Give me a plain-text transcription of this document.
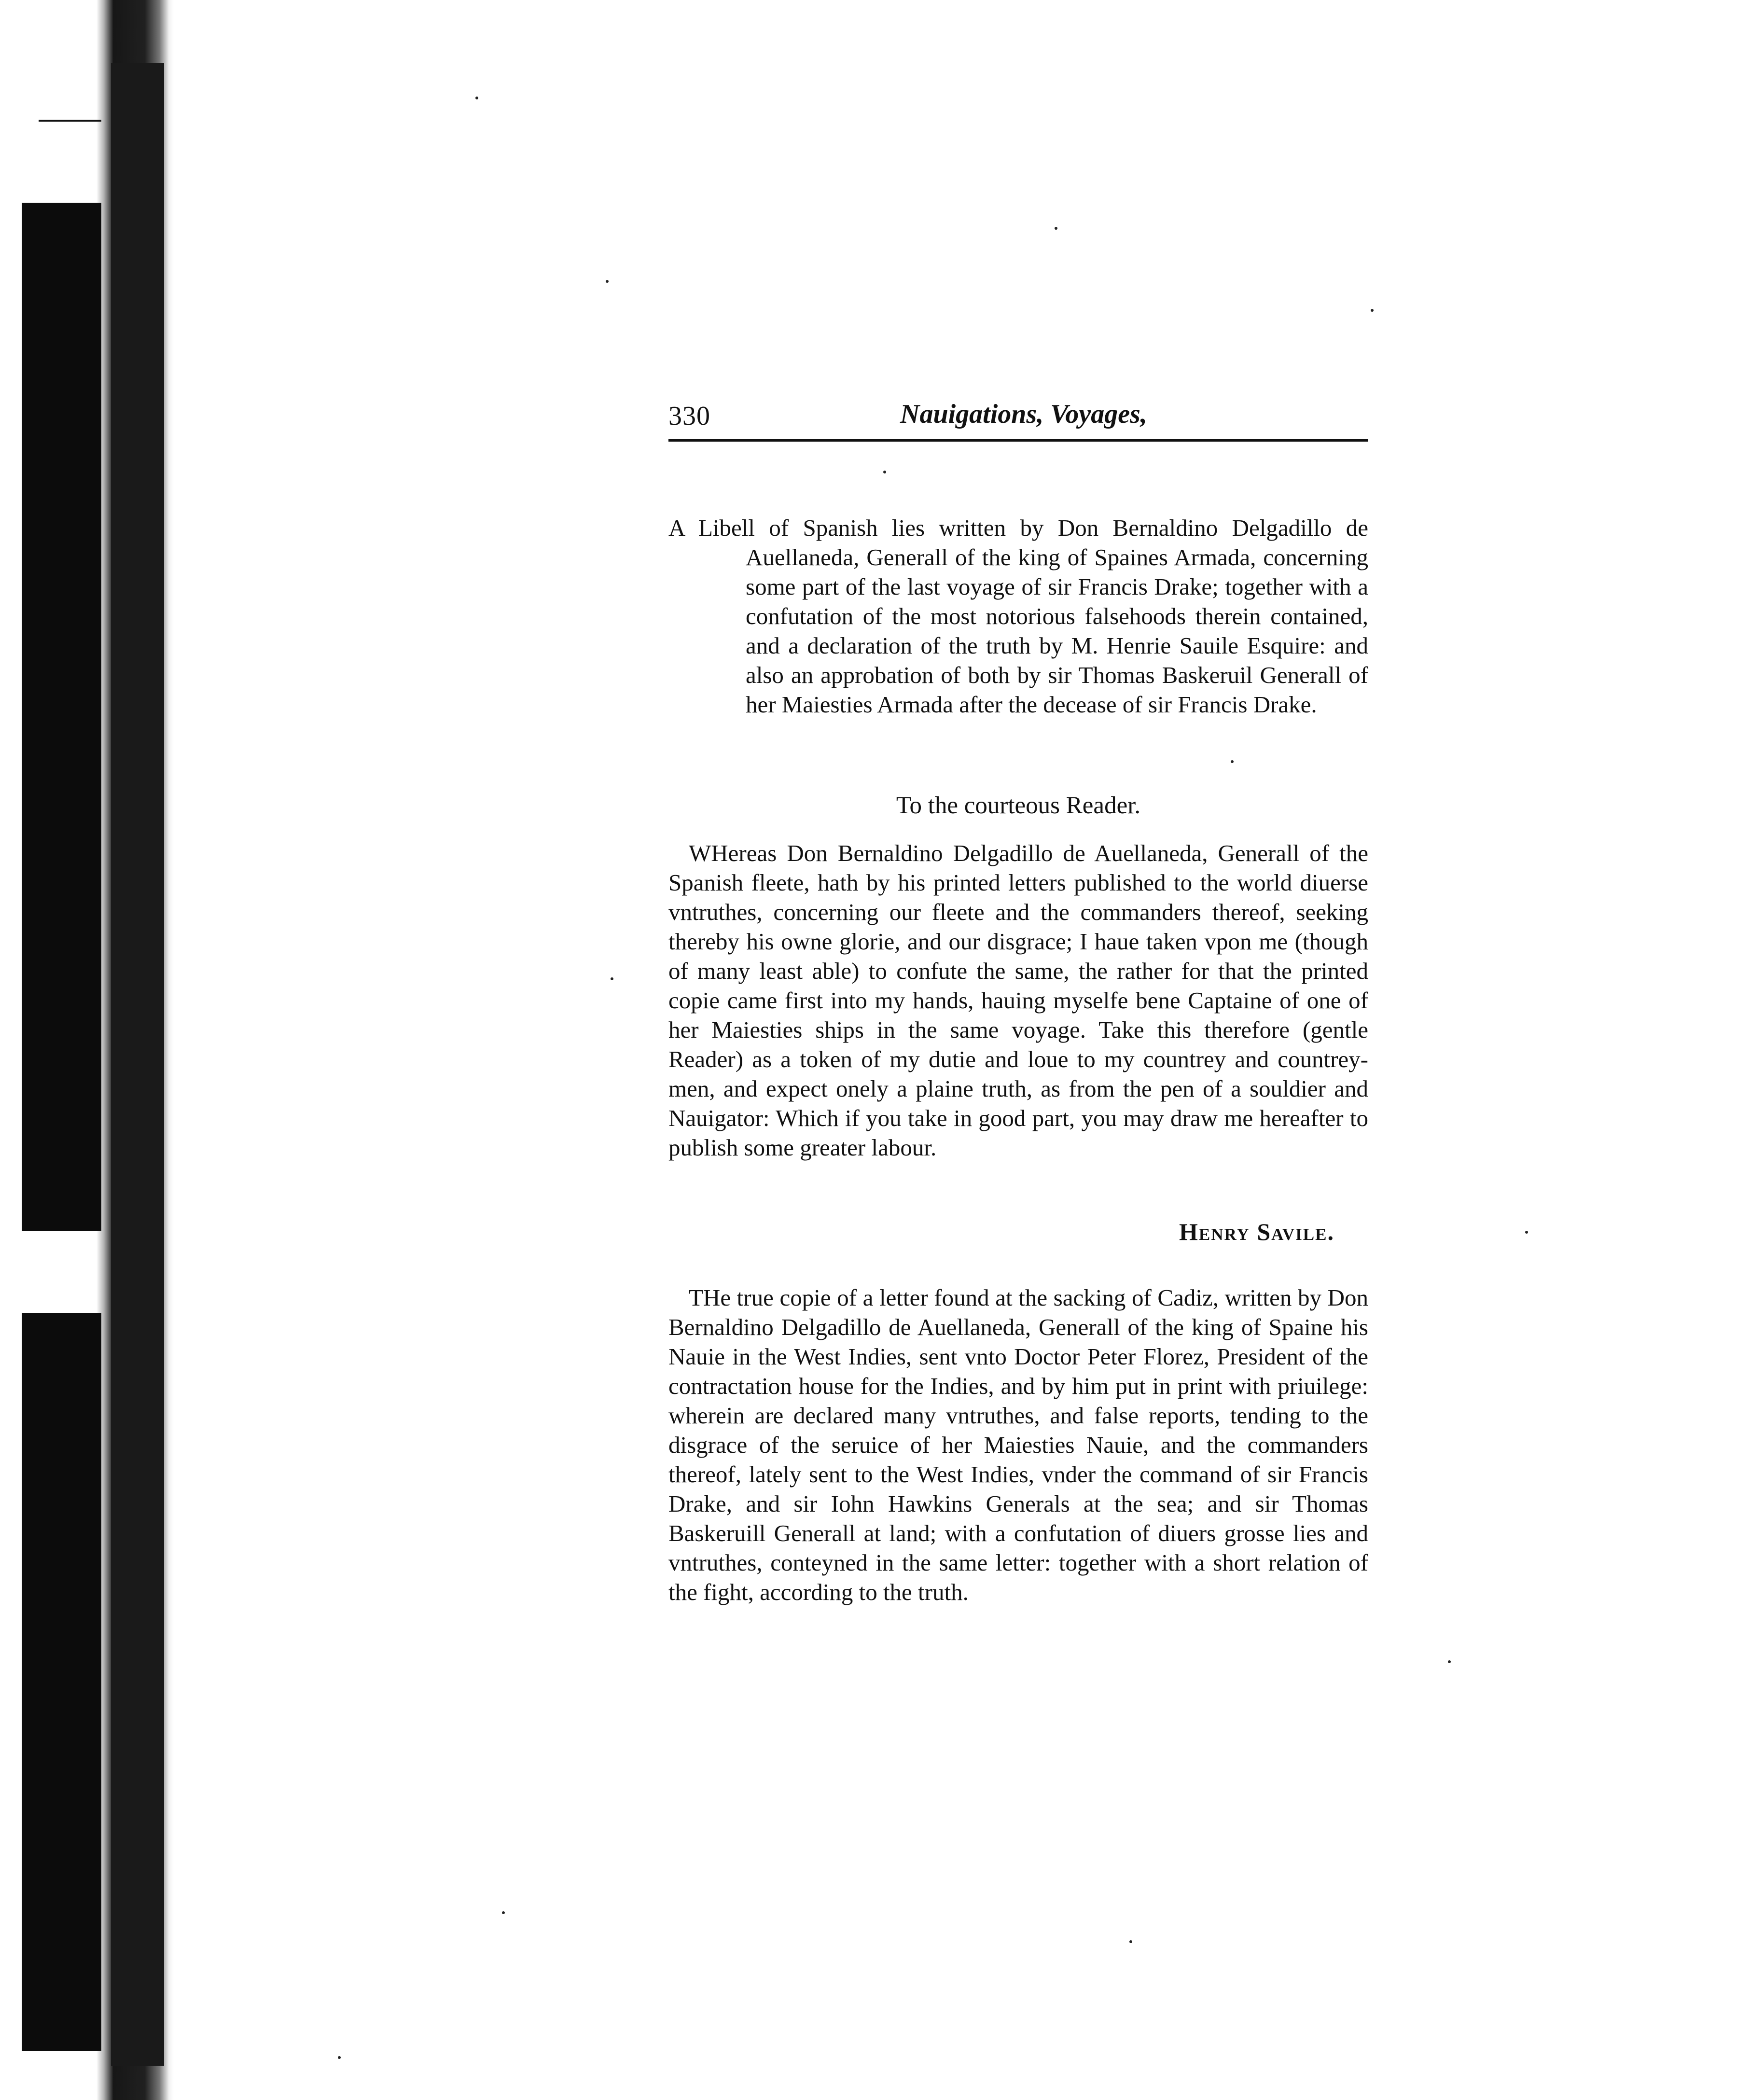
330	Nauigations, Voyages,
A Libell of Spanish lies written by Don Bernaldino Delgadillo de Auellaneda, Generall of the king of Spaines Armada, concerning some part of the last voyage of sir Francis Drake; together with a confutation of the most notorious falsehoods therein contained, and a declaration of the truth by M. Henrie Sauile Esquire: and also an approbation of both by sir Thomas Baskeruil Generall of her Maiesties Armada after the decease of sir Francis Drake.
To the courteous Reader.
WHereas Don Bernaldino Delgadillo de Auellaneda, Generall of the Spanish fleete, hath by his printed letters published to the world diuerse vntruthes, concerning our fleete and the commanders thereof, seeking thereby his owne glorie, and our disgrace; I haue taken vpon me (though of many least able) to confute the same, the rather for that the printed copie came first into my hands, hauing myselfe bene Captaine of one of her Maiesties ships in the same voyage. Take this therefore (gentle Reader) as a token of my dutie and loue to my countrey and countrey-men, and expect onely a plaine truth, as from the pen of a souldier and Nauigator: Which if you take in good part, you may draw me hereafter to publish some greater labour.
Henry Savile.
THe true copie of a letter found at the sacking of Cadiz, written by Don Bernaldino Delgadillo de Auellaneda, Generall of the king of Spaine his Nauie in the West Indies, sent vnto Doctor Peter Florez, President of the contractation house for the Indies, and by him put in print with priuilege: wherein are declared many vntruthes, and false reports, tending to the disgrace of the seruice of her Maiesties Nauie, and the commanders thereof, lately sent to the West Indies, vnder the command of sir Francis Drake, and sir Iohn Hawkins Generals at the sea; and sir Thomas Baskeruill Generall at land; with a confutation of diuers grosse lies and vntruthes, conteyned in the same letter: together with a short relation of the fight, according to the truth.
